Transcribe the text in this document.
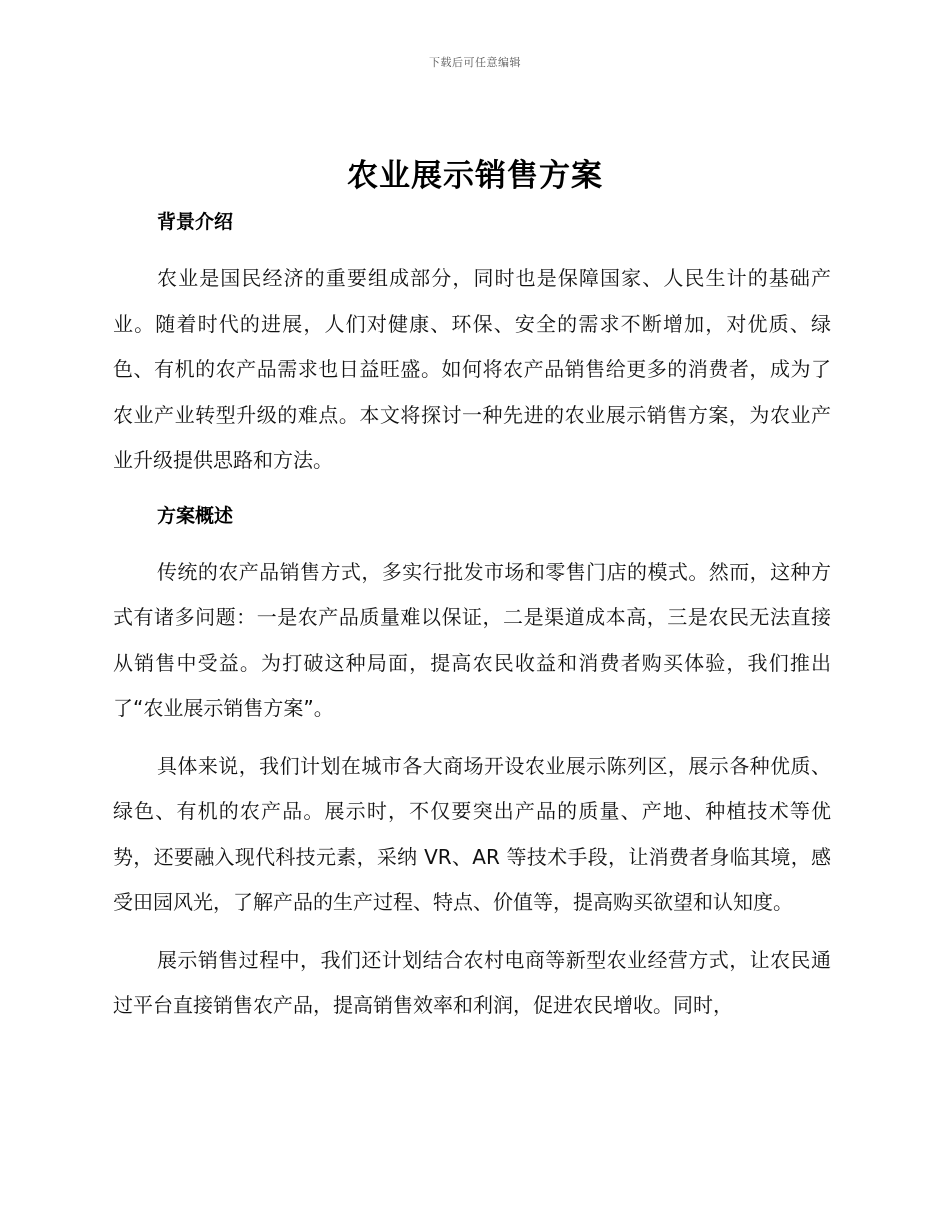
下载后可任意编辑
农业展示销售方案
背景介绍

农业是国民经济的重要组成部分，同时也是保障国家、人民生计的基础产业。随着时代的进展，人们对健康、环保、安全的需求不断增加，对优质、绿色、有机的农产品需求也日益旺盛。如何将农产品销售给更多的消费者，成为了农业产业转型升级的难点。本文将探讨一种先进的农业展示销售方案，为农业产业升级提供思路和方法。

方案概述

传统的农产品销售方式，多实行批发市场和零售门店的模式。然而，这种方式有诸多问题：一是农产品质量难以保证，二是渠道成本高，三是农民无法直接从销售中受益。为打破这种局面，提高农民收益和消费者购买体验，我们推出了“农业展示销售方案”。

具体来说，我们计划在城市各大商场开设农业展示陈列区，展示各种优质、绿色、有机的农产品。展示时，不仅要突出产品的质量、产地、种植技术等优势，还要融入现代科技元素，采纳 VR、AR 等技术手段，让消费者身临其境，感受田园风光，了解产品的生产过程、特点、价值等，提高购买欲望和认知度。

展示销售过程中，我们还计划结合农村电商等新型农业经营方式，让农民通过平台直接销售农产品，提高销售效率和利润，促进农民增收。同时，
